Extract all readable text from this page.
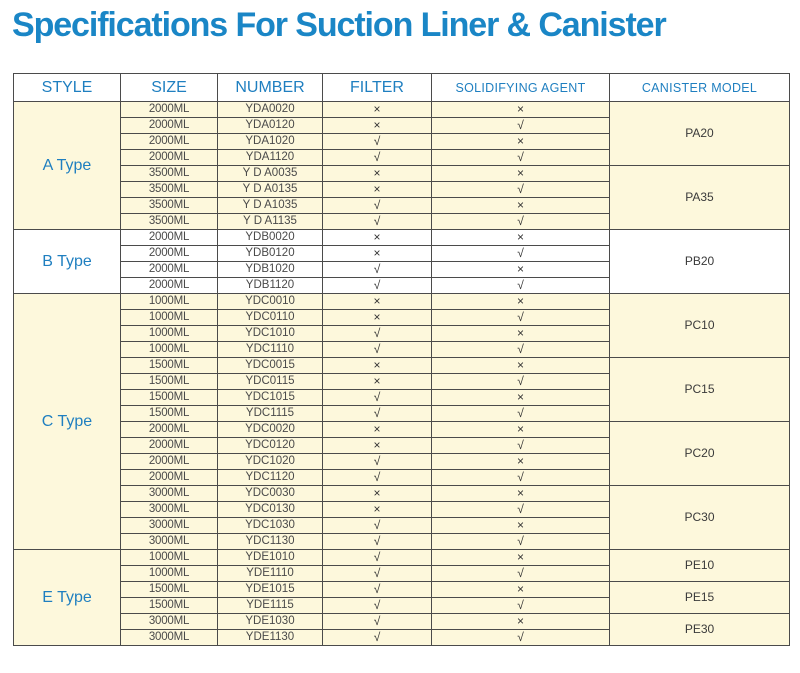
Specifications For Suction Liner & Canister
STYLE	SIZE	NUMBER	FILTER	SOLIDIFYING AGENT	CANISTER MODEL
A Type	2000ML	YDA0020	×	×	PA20
	2000ML	YDA0120	×	√	
	2000ML	YDA1020	√	×	
	2000ML	YDA1120	√	√	
	3500ML	Y D A0035	×	×	PA35
	3500ML	Y D A0135	×	√	
	3500ML	Y D A1035	√	×	
	3500ML	Y D A1135	√	√	
B Type	2000ML	YDB0020	×	×	PB20
	2000ML	YDB0120	×	√	
	2000ML	YDB1020	√	×	
	2000ML	YDB1120	√	√	
C Type	1000ML	YDC0010	×	×	PC10
	1000ML	YDC0110	×	√	
	1000ML	YDC1010	√	×	
	1000ML	YDC1110	√	√	
	1500ML	YDC0015	×	×	PC15
	1500ML	YDC0115	×	√	
	1500ML	YDC1015	√	×	
	1500ML	YDC1115	√	√	
	2000ML	YDC0020	×	×	PC20
	2000ML	YDC0120	×	√	
	2000ML	YDC1020	√	×	
	2000ML	YDC1120	√	√	
	3000ML	YDC0030	×	×	PC30
	3000ML	YDC0130	×	√	
	3000ML	YDC1030	√	×	
	3000ML	YDC1130	√	√	
E Type	1000ML	YDE1010	√	×	PE10
	1000ML	YDE1110	√	√	
	1500ML	YDE1015	√	×	PE15
	1500ML	YDE1115	√	√	
	3000ML	YDE1030	√	×	PE30
	3000ML	YDE1130	√	√	
